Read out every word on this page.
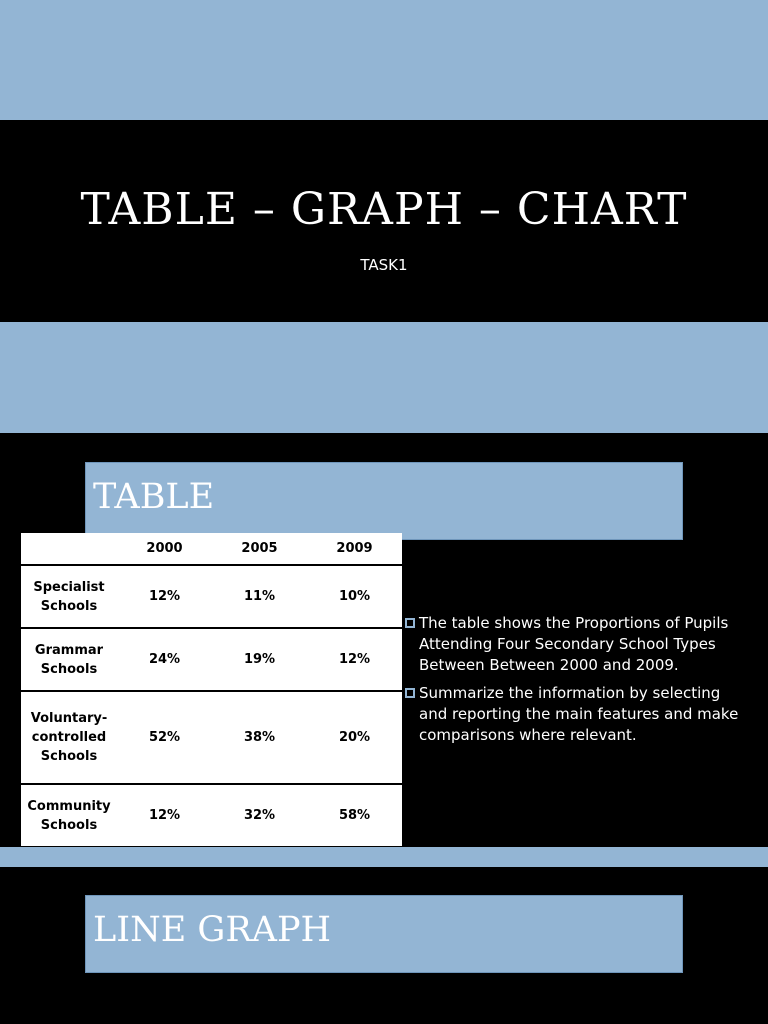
TABLE – GRAPH – CHART
TASK1
TABLE
	2000	2005	2009
Specialist
Schools	12%	11%	10%
Grammar
Schools	24%	19%	12%
Voluntary-
controlled
Schools	52%	38%	20%
Community
Schools	12%	32%	58%
The table shows the Proportions of Pupils Attending Four Secondary School Types Between Between 2000 and 2009.
Summarize the information by selecting and reporting the main features and make comparisons where relevant.
LINE GRAPH
